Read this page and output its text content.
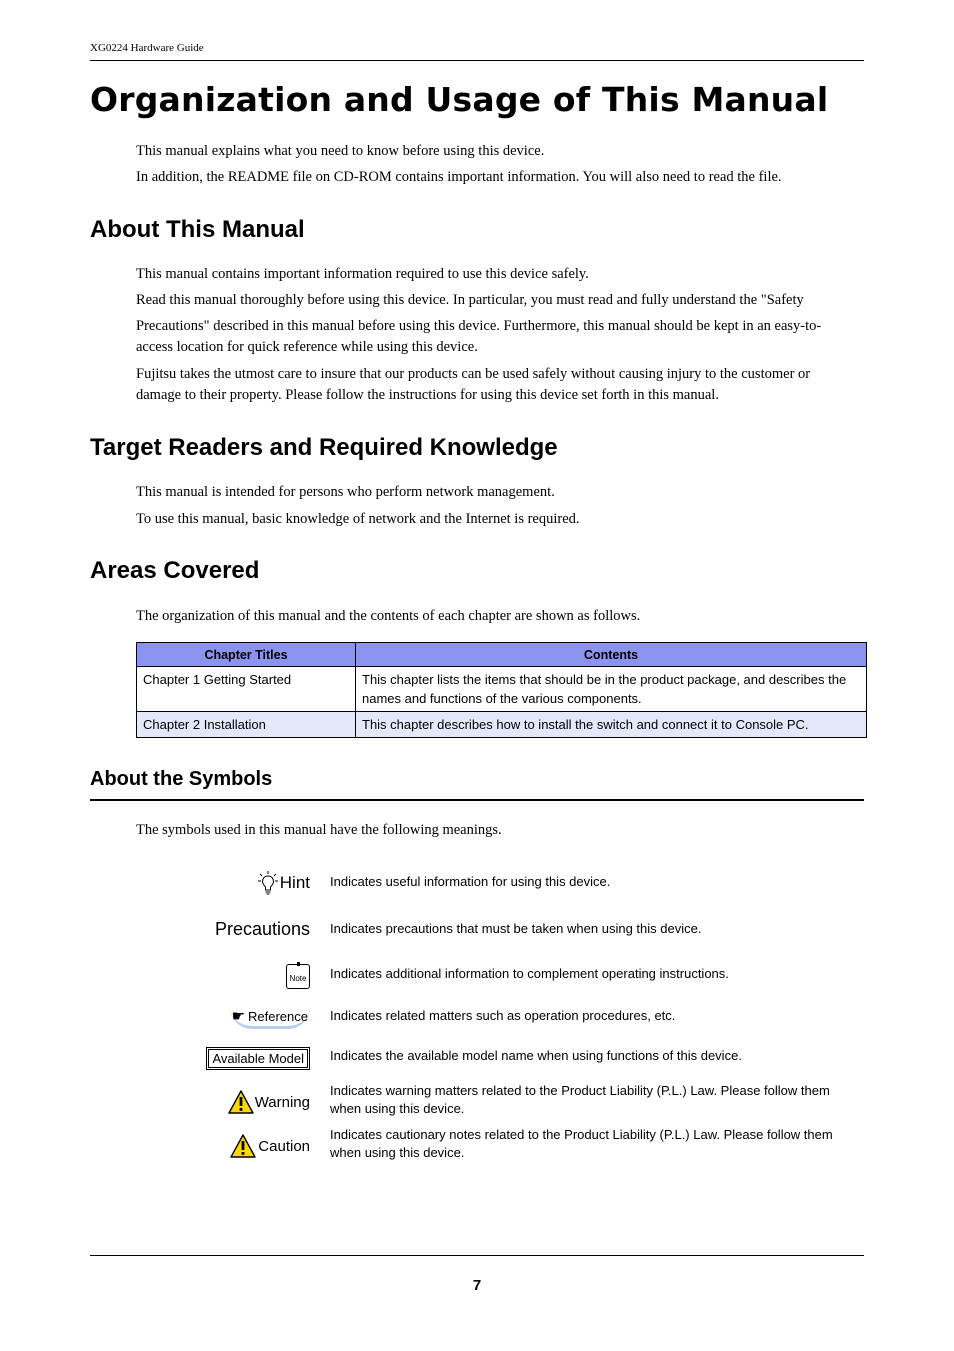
XG0224 Hardware Guide
Organization and Usage of This Manual

This manual explains what you need to know before using this device.

In addition, the README file on CD-ROM contains important information. You will also need to read the file.

About This Manual

This manual contains important information required to use this device safely.

Read this manual thoroughly before using this device. In particular, you must read and fully understand the "Safety

Precautions" described in this manual before using this device. Furthermore, this manual should be kept in an easy-to-access location for quick reference while using this device.

Fujitsu takes the utmost care to insure that our products can be used safely without causing injury to the customer or damage to their property. Please follow the instructions for using this device set forth in this manual.

Target Readers and Required Knowledge

This manual is intended for persons who perform network management.

To use this manual, basic knowledge of network and the Internet is required.

Areas Covered

The organization of this manual and the contents of each chapter are shown as follows.

Chapter Titles	Contents
Chapter 1 Getting Started	This chapter lists the items that should be in the product package, and describes the names and functions of the various components.
Chapter 2 Installation	This chapter describes how to install the switch and connect it to Console PC.
About the Symbols

The symbols used in this manual have the following meanings.

Hint Indicates useful information for using this device.
Precautions Indicates precautions that must be taken when using this device.
Note Indicates additional information to complement operating instructions.
☛ Reference Indicates related matters such as operation procedures, etc.
Available Model	Indicates the available model name when using functions of this device.
Warning
Indicates warning matters related to the Product Liability (P.L.) Law. Please follow them when using this device.
Caution
Indicates cautionary notes related to the Product Liability (P.L.) Law. Please follow them when using this device.
7
